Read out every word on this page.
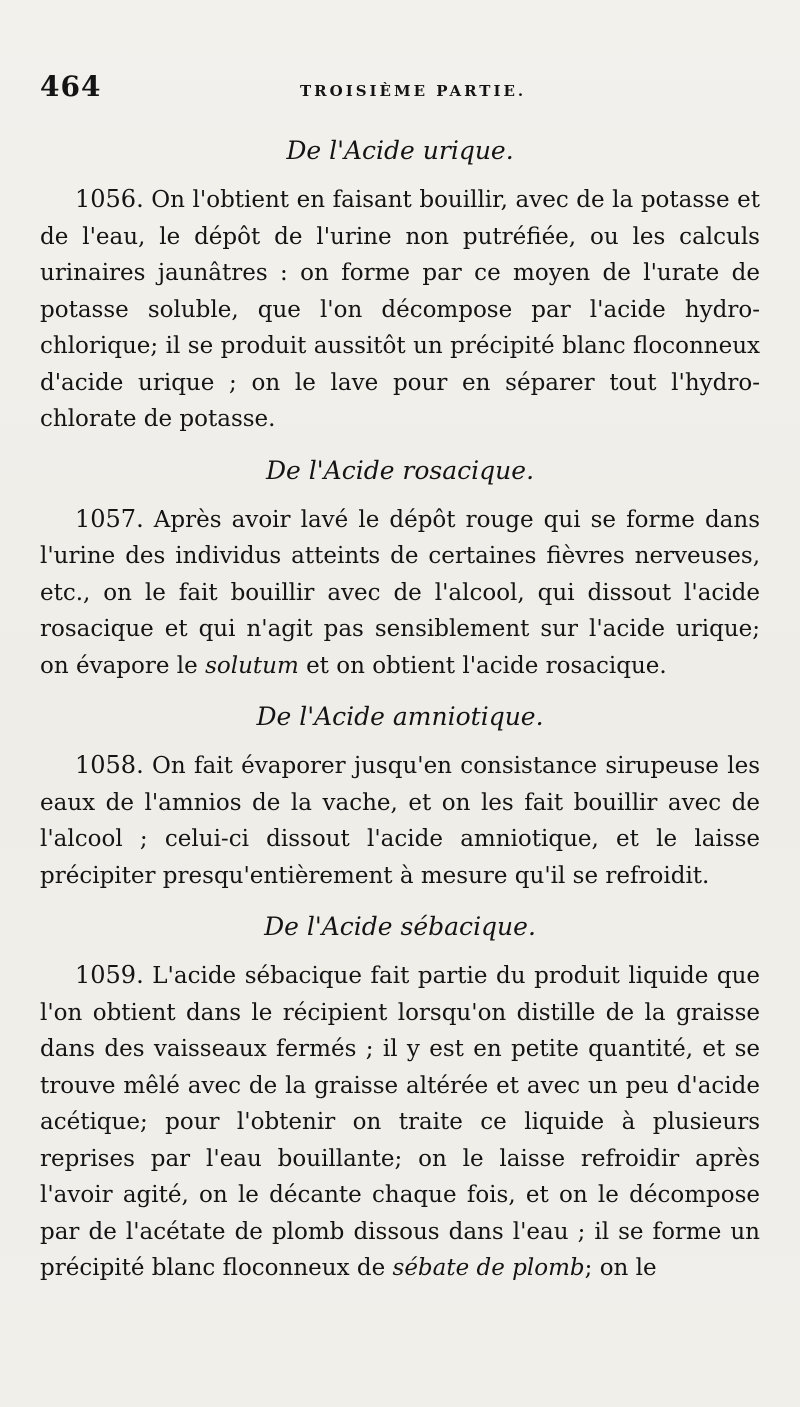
464	TROISIÈME PARTIE.
De l'Acide urique.

1056. On l'obtient en faisant bouillir, avec de la potasse et de l'eau, le dépôt de l'urine non putréfiée, ou les calculs urinaires jaunâtres : on forme par ce moyen de l'urate de potasse soluble, que l'on décompose par l'acide hydro-chlorique; il se produit aussitôt un précipité blanc floconneux d'acide urique ; on le lave pour en séparer tout l'hydro-chlorate de potasse.

De l'Acide rosacique.

1057. Après avoir lavé le dépôt rouge qui se forme dans l'urine des individus atteints de certaines fièvres nerveuses, etc., on le fait bouillir avec de l'alcool, qui dissout l'acide rosacique et qui n'agit pas sensiblement sur l'acide urique; on évapore le solutum et on obtient l'acide rosacique.

De l'Acide amniotique.

1058. On fait évaporer jusqu'en consistance sirupeuse les eaux de l'amnios de la vache, et on les fait bouillir avec de l'alcool ; celui-ci dissout l'acide amniotique, et le laisse précipiter presqu'entièrement à mesure qu'il se refroidit.

De l'Acide sébacique.

1059. L'acide sébacique fait partie du produit liquide que l'on obtient dans le récipient lorsqu'on distille de la graisse dans des vaisseaux fermés ; il y est en petite quantité, et se trouve mêlé avec de la graisse altérée et avec un peu d'acide acétique; pour l'obtenir on traite ce liquide à plusieurs reprises par l'eau bouillante; on le laisse refroidir après l'avoir agité, on le décante chaque fois, et on le décompose par de l'acétate de plomb dissous dans l'eau ; il se forme un précipité blanc floconneux de sébate de plomb; on le
